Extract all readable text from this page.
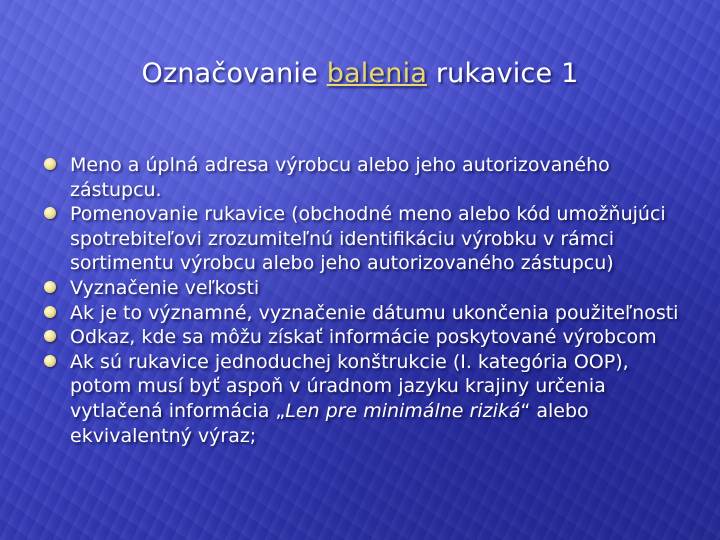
Označovanie balenia rukavice 1
Meno a úplná adresa výrobcu alebo jeho autorizovaného zástupcu.
Pomenovanie rukavice (obchodné meno alebo kód umožňujúci spotrebiteľovi zrozumiteľnú identifikáciu výrobku v rámci sortimentu výrobcu alebo jeho autorizovaného zástupcu)
Vyznačenie veľkosti
Ak je to významné, vyznačenie dátumu ukončenia použiteľnosti
Odkaz, kde sa môžu získať informácie poskytované výrobcom
Ak sú rukavice jednoduchej konštrukcie (I. kategória OOP), potom musí byť aspoň v úradnom jazyku krajiny určenia vytlačená informácia „Len pre minimálne riziká“ alebo ekvivalentný výraz;
